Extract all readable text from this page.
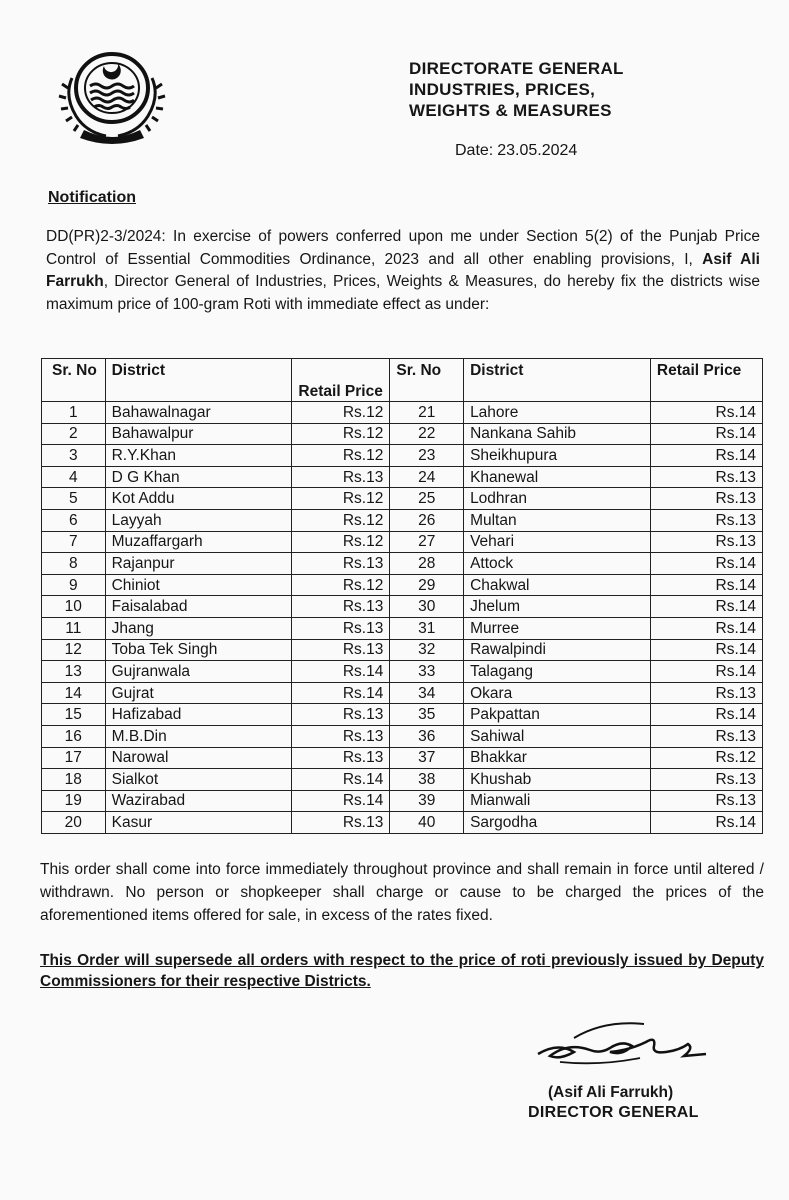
DIRECTORATE GENERAL
INDUSTRIES, PRICES,
WEIGHTS & MEASURES
Date: 23.05.2024
Notification
DD(PR)2-3/2024: In exercise of powers conferred upon me under Section 5(2) of the Punjab Price Control of Essential Commodities Ordinance, 2023 and all other enabling provisions, I, Asif Ali Farrukh, Director General of Industries, Prices, Weights & Measures, do hereby fix the districts wise maximum price of 100-gram Roti with immediate effect as under:
Sr. No	District	Retail Price	Sr. No	District	Retail Price
1	Bahawalnagar	Rs.12	21	Lahore	Rs.14
2	Bahawalpur	Rs.12	22	Nankana Sahib	Rs.14
3	R.Y.Khan	Rs.12	23	Sheikhupura	Rs.14
4	D G Khan	Rs.13	24	Khanewal	Rs.13
5	Kot Addu	Rs.12	25	Lodhran	Rs.13
6	Layyah	Rs.12	26	Multan	Rs.13
7	Muzaffargarh	Rs.12	27	Vehari	Rs.13
8	Rajanpur	Rs.13	28	Attock	Rs.14
9	Chiniot	Rs.12	29	Chakwal	Rs.14
10	Faisalabad	Rs.13	30	Jhelum	Rs.14
11	Jhang	Rs.13	31	Murree	Rs.14
12	Toba Tek Singh	Rs.13	32	Rawalpindi	Rs.14
13	Gujranwala	Rs.14	33	Talagang	Rs.14
14	Gujrat	Rs.14	34	Okara	Rs.13
15	Hafizabad	Rs.13	35	Pakpattan	Rs.14
16	M.B.Din	Rs.13	36	Sahiwal	Rs.13
17	Narowal	Rs.13	37	Bhakkar	Rs.12
18	Sialkot	Rs.14	38	Khushab	Rs.13
19	Wazirabad	Rs.14	39	Mianwali	Rs.13
20	Kasur	Rs.13	40	Sargodha	Rs.14
This order shall come into force immediately throughout province and shall remain in force until altered / withdrawn. No person or shopkeeper shall charge or cause to be charged the prices of the aforementioned items offered for sale, in excess of the rates fixed.
This Order will supersede all orders with respect to the price of roti previously issued by Deputy Commissioners for their respective Districts.
(Asif Ali Farrukh)
DIRECTOR GENERAL
